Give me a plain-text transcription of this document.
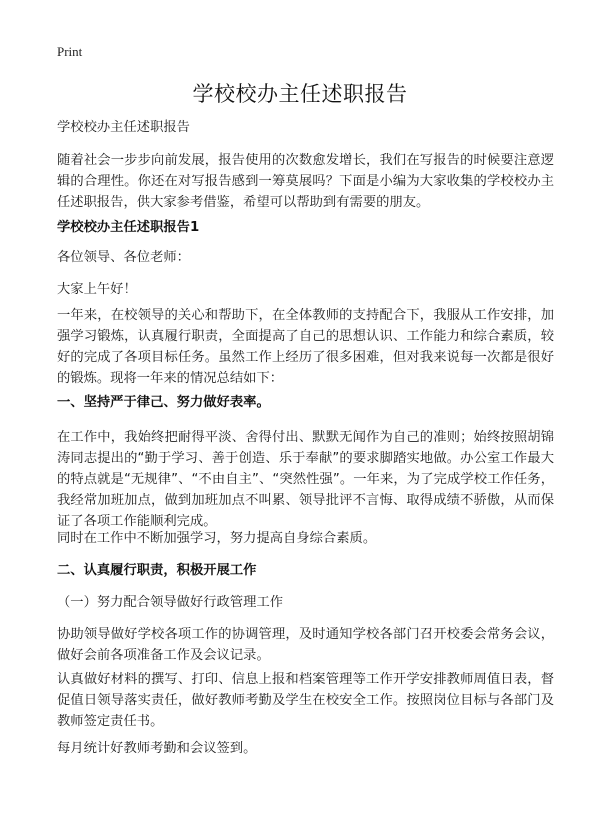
Print
学校校办主任述职报告

学校校办主任述职报告

随着社会一步步向前发展，报告使用的次数愈发增长，我们在写报告的时候要注意逻辑的合理性。你还在对写报告感到一筹莫展吗？下面是小编为大家收集的学校校办主任述职报告，供大家参考借鉴，希望可以帮助到有需要的朋友。

学校校办主任述职报告1

各位领导、各位老师：

大家上午好！

一年来，在校领导的关心和帮助下，在全体教师的支持配合下，我服从工作安排，加强学习锻炼，认真履行职责，全面提高了自己的思想认识、工作能力和综合素质，较好的完成了各项目标任务。虽然工作上经历了很多困难，但对我来说每一次都是很好的锻炼。现将一年来的情况总结如下：

一、坚持严于律己、努力做好表率。

在工作中，我始终把耐得平淡、舍得付出、默默无闻作为自己的准则；始终按照胡锦涛同志提出的“勤于学习、善于创造、乐于奉献”的要求脚踏实地做。办公室工作最大的特点就是“无规律”、“不由自主”、“突然性强”。一年来，为了完成学校工作任务，我经常加班加点，做到加班加点不叫累、领导批评不言悔、取得成绩不骄傲，从而保证了各项工作能顺利完成。

同时在工作中不断加强学习，努力提高自身综合素质。

二、认真履行职责，积极开展工作

（一）努力配合领导做好行政管理工作

协助领导做好学校各项工作的协调管理，及时通知学校各部门召开校委会常务会议，做好会前各项准备工作及会议记录。

认真做好材料的撰写、打印、信息上报和档案管理等工作开学安排教师周值日表，督促值日领导落实责任，做好教师考勤及学生在校安全工作。按照岗位目标与各部门及教师签定责任书。

每月统计好教师考勤和会议签到。
